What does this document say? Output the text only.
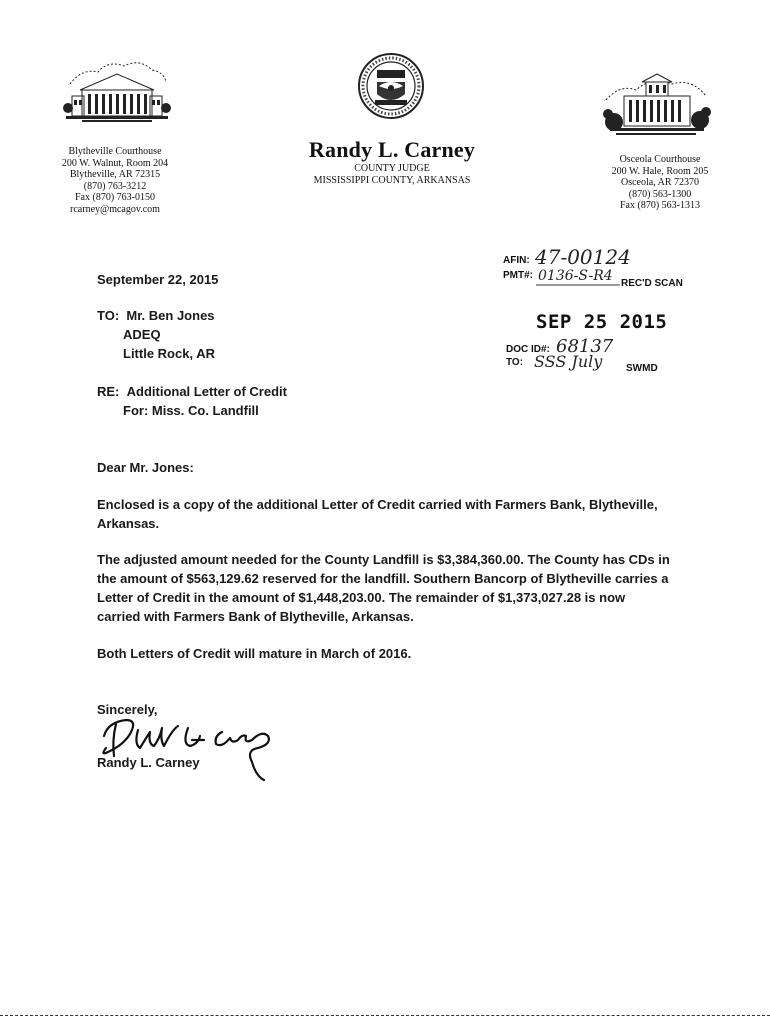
Blytheville Courthouse
200 W. Walnut, Room 204
Blytheville, AR 72315
(870) 763-3212
Fax (870) 763-0150
rcarney@mcagov.com
Randy L. Carney
COUNTY JUDGE
MISSISSIPPI COUNTY, ARKANSAS
Osceola Courthouse
200 W. Hale, Room 205
Osceola, AR 72370
(870) 563-1300
Fax (870) 563-1313
AFIN: 47-00124
PMT#: 0136-S-R4 REC'D SCAN
SEP 25 2015
DOC ID#: 68137
TO: SSS July SWMD
September 22, 2015
TO: Mr. Ben Jones
ADEQ
Little Rock, AR
RE: Additional Letter of Credit
For: Miss. Co. Landfill
Dear Mr. Jones:
Enclosed is a copy of the additional Letter of Credit carried with Farmers Bank, Blytheville,
Arkansas.
The adjusted amount needed for the County Landfill is $3,384,360.00. The County has CDs in
the amount of $563,129.62 reserved for the landfill. Southern Bancorp of Blytheville carries a
Letter of Credit in the amount of $1,448,203.00. The remainder of $1,373,027.28 is now
carried with Farmers Bank of Blytheville, Arkansas.
Both Letters of Credit will mature in March of 2016.
Sincerely,
Randy L. Carney
